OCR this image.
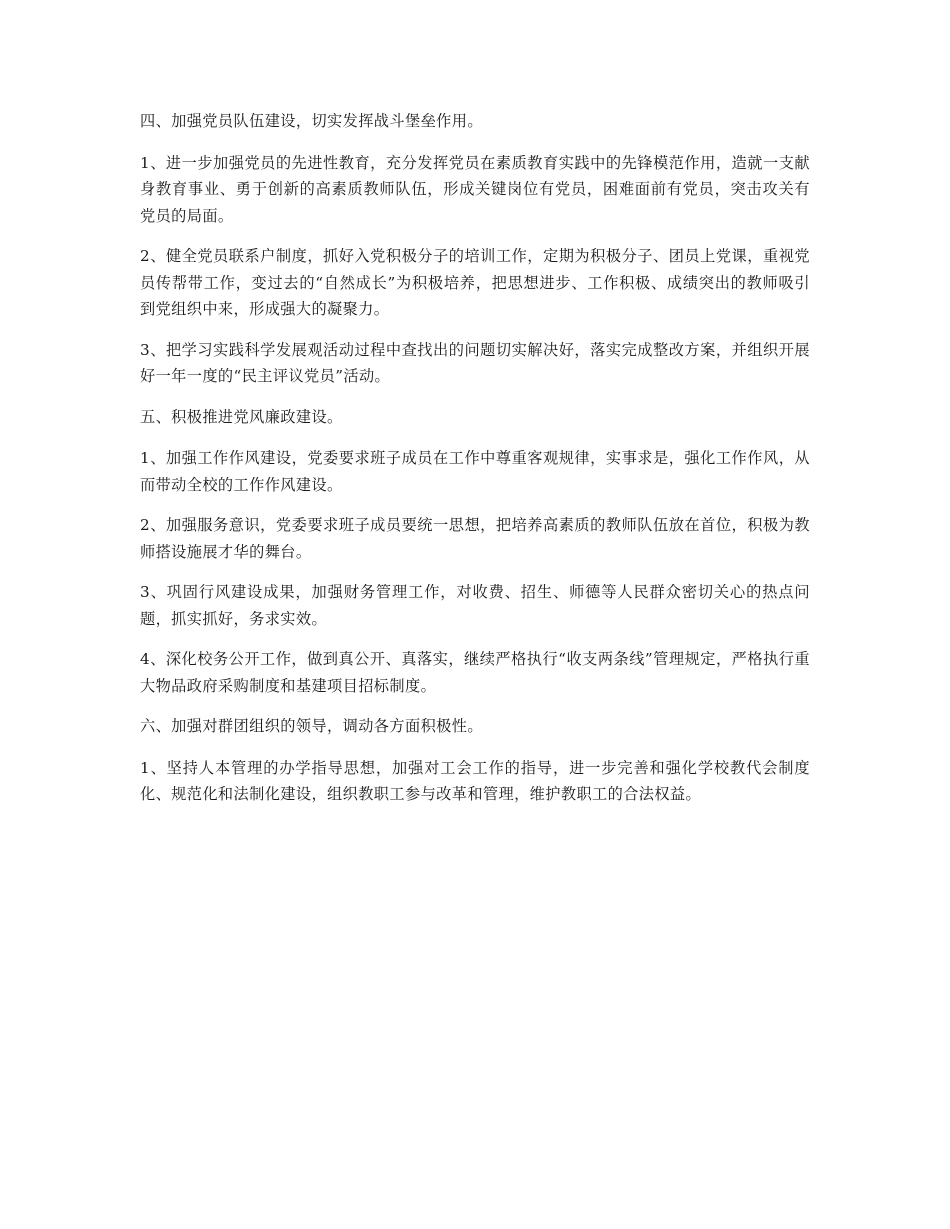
四、加强党员队伍建设，切实发挥战斗堡垒作用。

1、进一步加强党员的先进性教育，充分发挥党员在素质教育实践中的先锋模范作用，造就一支献身教育事业、勇于创新的高素质教师队伍，形成关键岗位有党员，困难面前有党员，突击攻关有党员的局面。

2、健全党员联系户制度，抓好入党积极分子的培训工作，定期为积极分子、团员上党课，重视党员传帮带工作，变过去的“自然成长”为积极培养，把思想进步、工作积极、成绩突出的教师吸引到党组织中来，形成强大的凝聚力。

3、把学习实践科学发展观活动过程中查找出的问题切实解决好，落实完成整改方案，并组织开展好一年一度的“民主评议党员”活动。

五、积极推进党风廉政建设。

1、加强工作作风建设，党委要求班子成员在工作中尊重客观规律，实事求是，强化工作作风，从而带动全校的工作作风建设。

2、加强服务意识，党委要求班子成员要统一思想，把培养高素质的教师队伍放在首位，积极为教师搭设施展才华的舞台。

3、巩固行风建设成果，加强财务管理工作，对收费、招生、师德等人民群众密切关心的热点问题，抓实抓好，务求实效。

4、深化校务公开工作，做到真公开、真落实，继续严格执行“收支两条线”管理规定，严格执行重大物品政府采购制度和基建项目招标制度。

六、加强对群团组织的领导，调动各方面积极性。

1、坚持人本管理的办学指导思想，加强对工会工作的指导，进一步完善和强化学校教代会制度化、规范化和法制化建设，组织教职工参与改革和管理，维护教职工的合法权益。
